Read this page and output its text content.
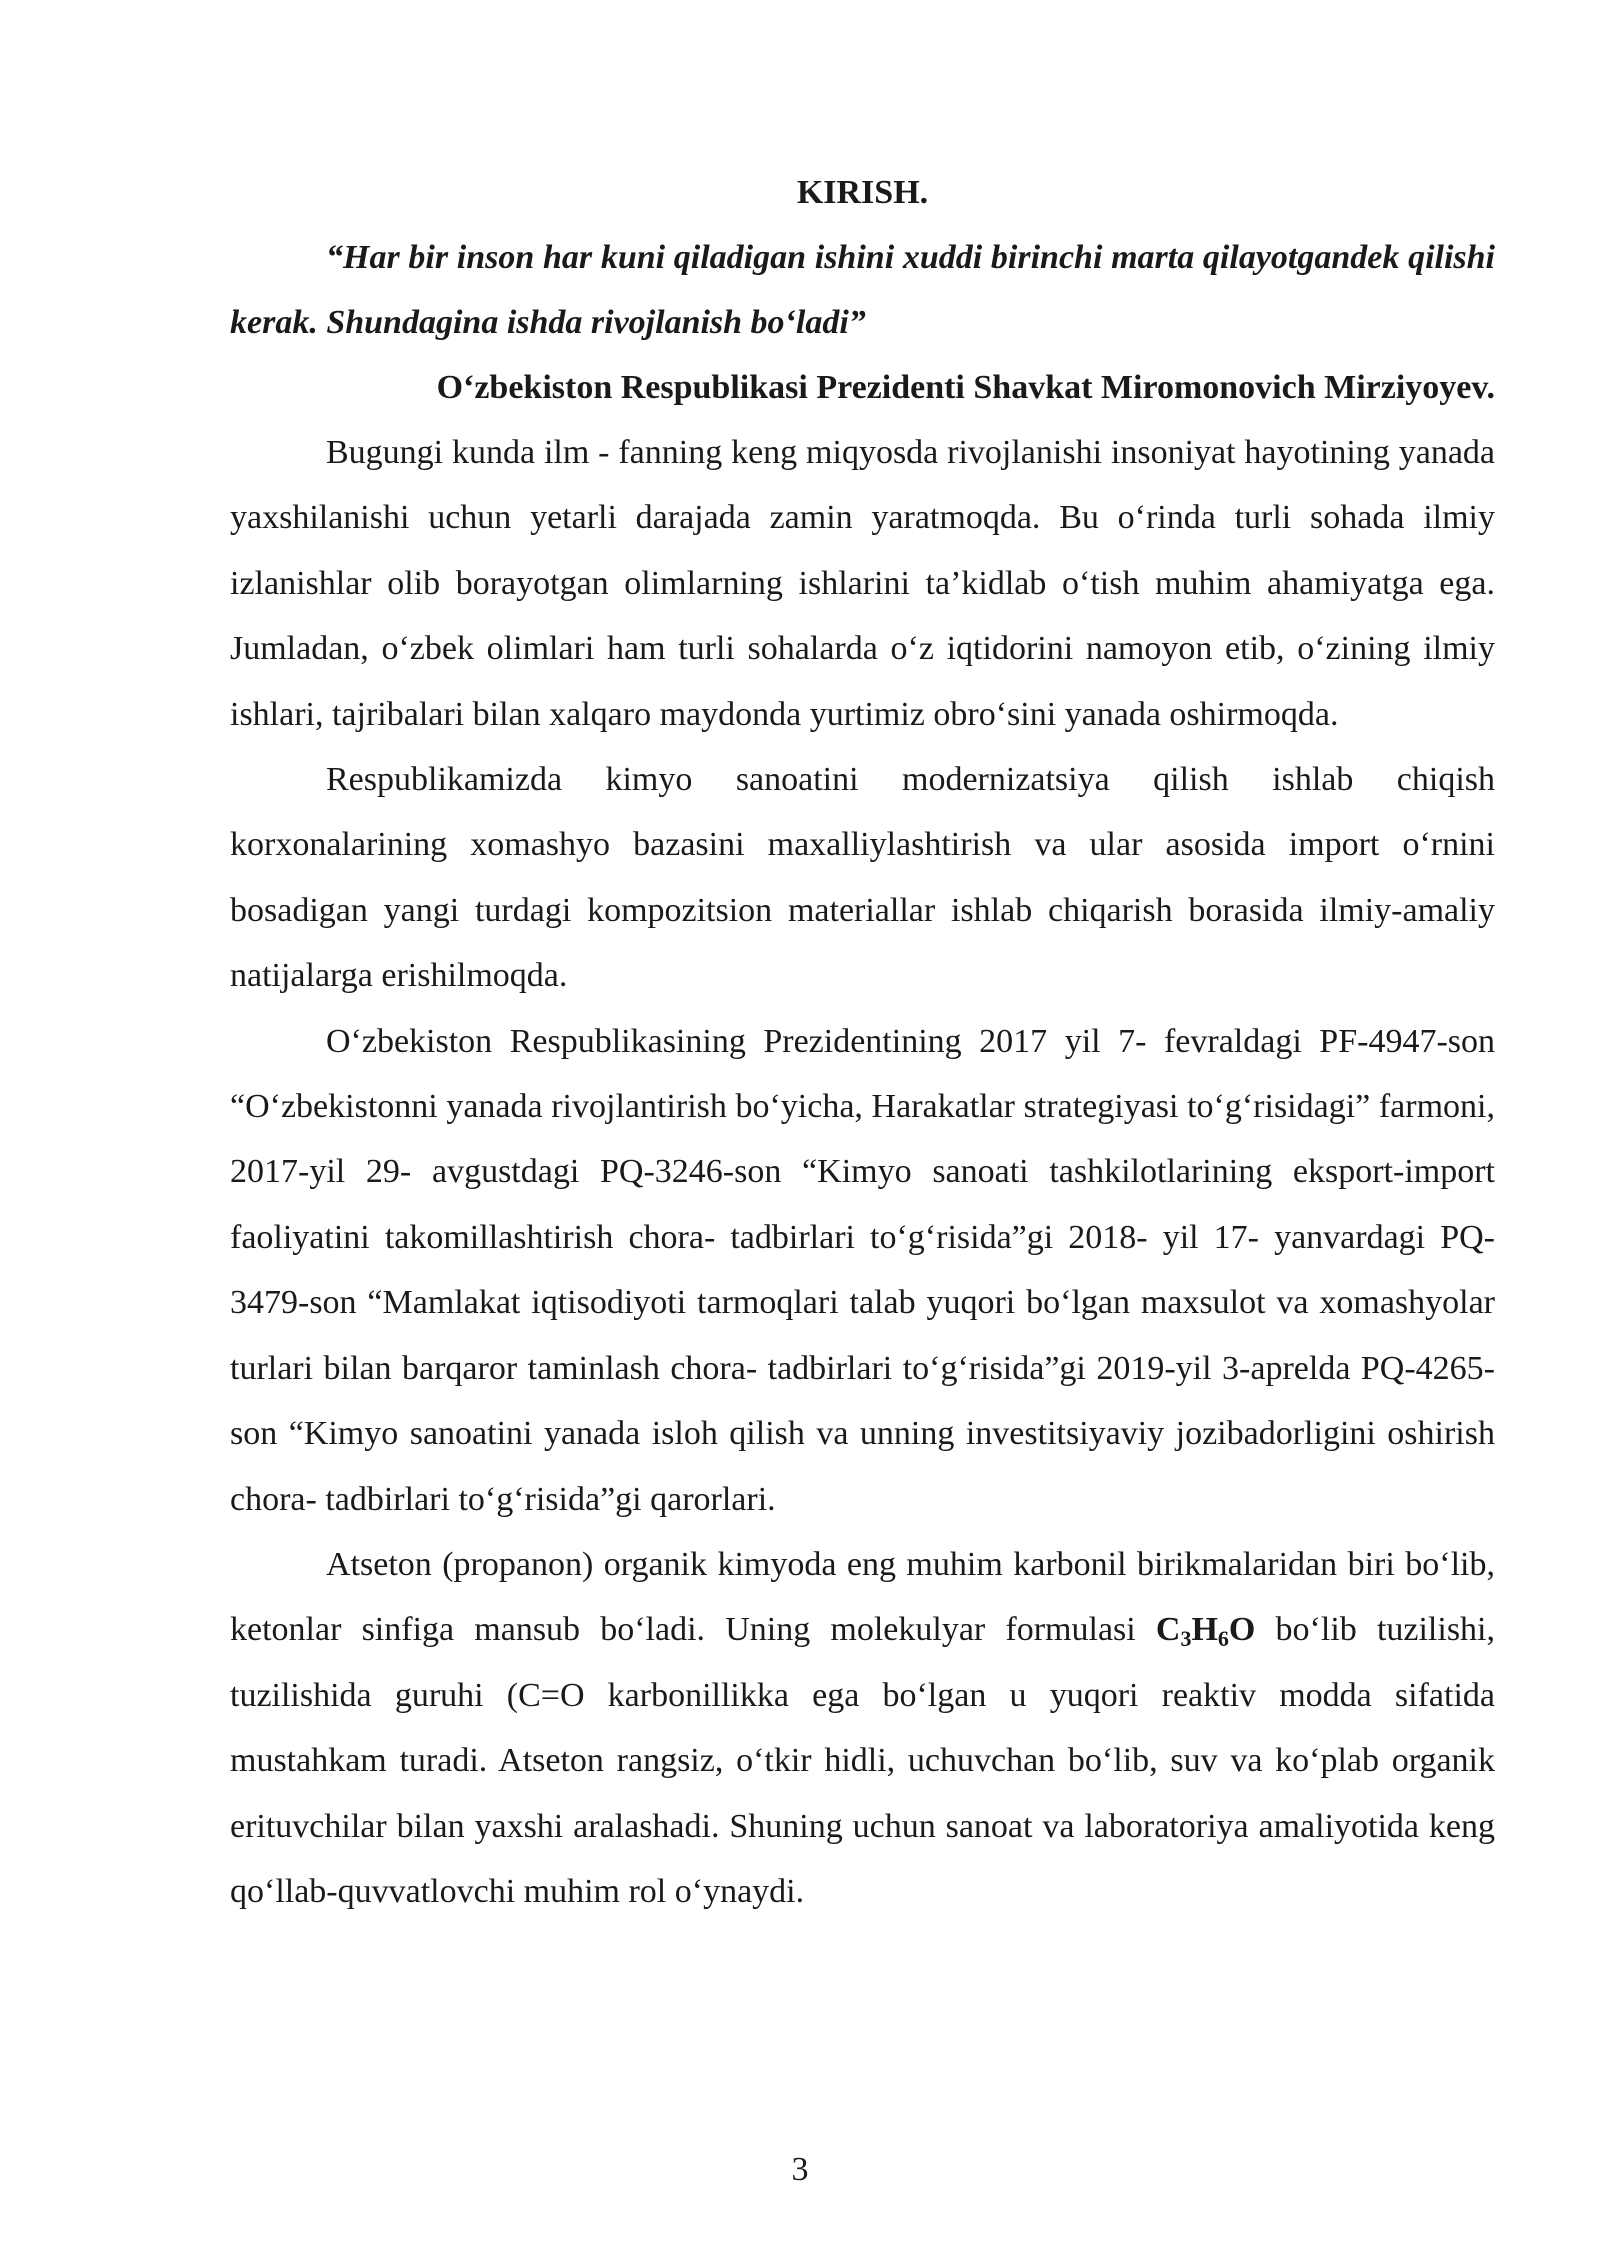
KIRISH.

“Har bir inson har kuni qiladigan ishini xuddi birinchi marta qilayotgandek qilishi kerak. Shundagina ishda rivojlanish bo‘ladi”

O‘zbekiston Respublikasi Prezidenti Shavkat Miromonovich Mirziyoyev.

Bugungi kunda ilm - fanning keng miqyosda rivojlanishi insoniyat hayotining yanada yaxshilanishi uchun yetarli darajada zamin yaratmoqda. Bu o‘rinda turli sohada ilmiy izlanishlar olib borayotgan olimlarning ishlarini ta’kidlab o‘tish muhim ahamiyatga ega. Jumladan, o‘zbek olimlari ham turli sohalarda o‘z iqtidorini namoyon etib, o‘zining ilmiy ishlari, tajribalari bilan xalqaro maydonda yurtimiz obro‘sini yanada oshirmoqda.

Respublikamizda kimyo sanoatini modernizatsiya qilish ishlab chiqish korxonalarining xomashyo bazasini maxalliylashtirish va ular asosida import o‘rnini bosadigan yangi turdagi kompozitsion materiallar ishlab chiqarish borasida ilmiy-amaliy natijalarga erishilmoqda.

O‘zbekiston Respublikasining Prezidentining 2017 yil 7- fevraldagi PF-4947-son “O‘zbekistonni yanada rivojlantirish bo‘yicha, Harakatlar strategiyasi to‘g‘risidagi” farmoni, 2017-yil 29- avgustdagi PQ-3246-son “Kimyo sanoati tashkilotlarining eksport-import faoliyatini takomillashtirish chora- tadbirlari to‘g‘risida”gi 2018- yil 17- yanvardagi PQ-3479-son “Mamlakat iqtisodiyoti tarmoqlari talab yuqori bo‘lgan maxsulot va xomashyolar turlari bilan barqaror taminlash chora- tadbirlari to‘g‘risida”gi 2019-yil 3-aprelda PQ-4265-son “Kimyo sanoatini yanada isloh qilish va unning investitsiyaviy jozibadorligini oshirish chora- tadbirlari to‘g‘risida”gi qarorlari.

Atseton (propanon) organik kimyoda eng muhim karbonil birikmalaridan biri bo‘lib, ketonlar sinfiga mansub bo‘ladi. Uning molekulyar formulasi $C_3H_6O$ bo‘lib tuzilishi, tuzilishida guruhi (C=O karbonillikka ega bo‘lgan u yuqori reaktiv modda sifatida mustahkam turadi. Atseton rangsiz, o‘tkir hidli, uchuvchan bo‘lib, suv va ko‘plab organik erituvchilar bilan yaxshi aralashadi. Shuning uchun sanoat va laboratoriya amaliyotida keng qo‘llab-quvvatlovchi muhim rol o‘ynaydi.

3
